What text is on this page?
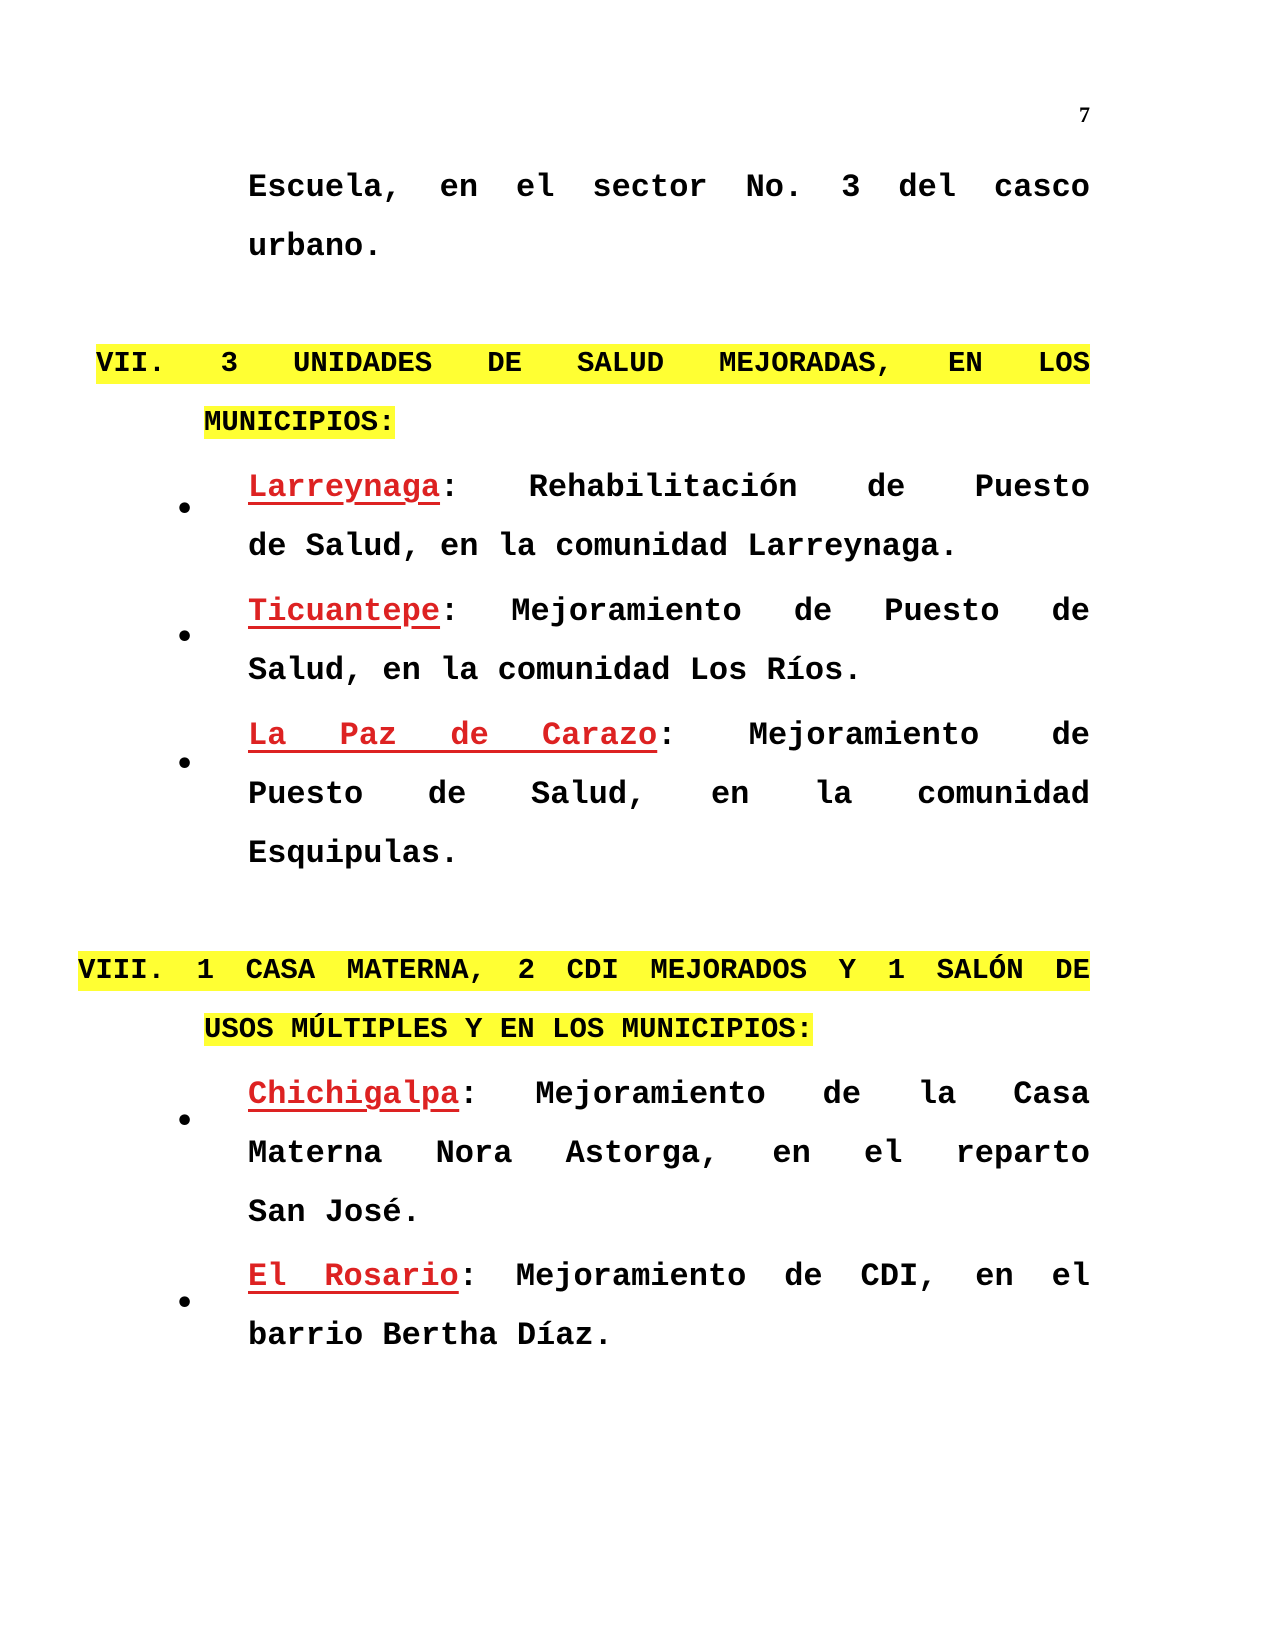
7
Escuela, en el sector No. 3 del casco
urbano.
VII. 3 UNIDADES DE SALUD MEJORADAS, EN LOS
MUNICIPIOS:
•
Larreynaga: Rehabilitación de Puesto
de Salud, en la comunidad Larreynaga.
•
Ticuantepe: Mejoramiento de Puesto de
Salud, en la comunidad Los Ríos.
•
La Paz de Carazo : Mejoramiento de
Puesto de Salud, en la comunidad
Esquipulas.
VIII. 1 CASA MATERNA, 2 CDI MEJORADOS Y 1 SALÓN DE
USOS MÚLTIPLES Y EN LOS MUNICIPIOS:
•
Chichigalpa: Mejoramiento de la Casa
Materna Nora Astorga, en el reparto
San José.
•
El Rosario: Mejoramiento de CDI, en el
barrio Bertha Díaz.
